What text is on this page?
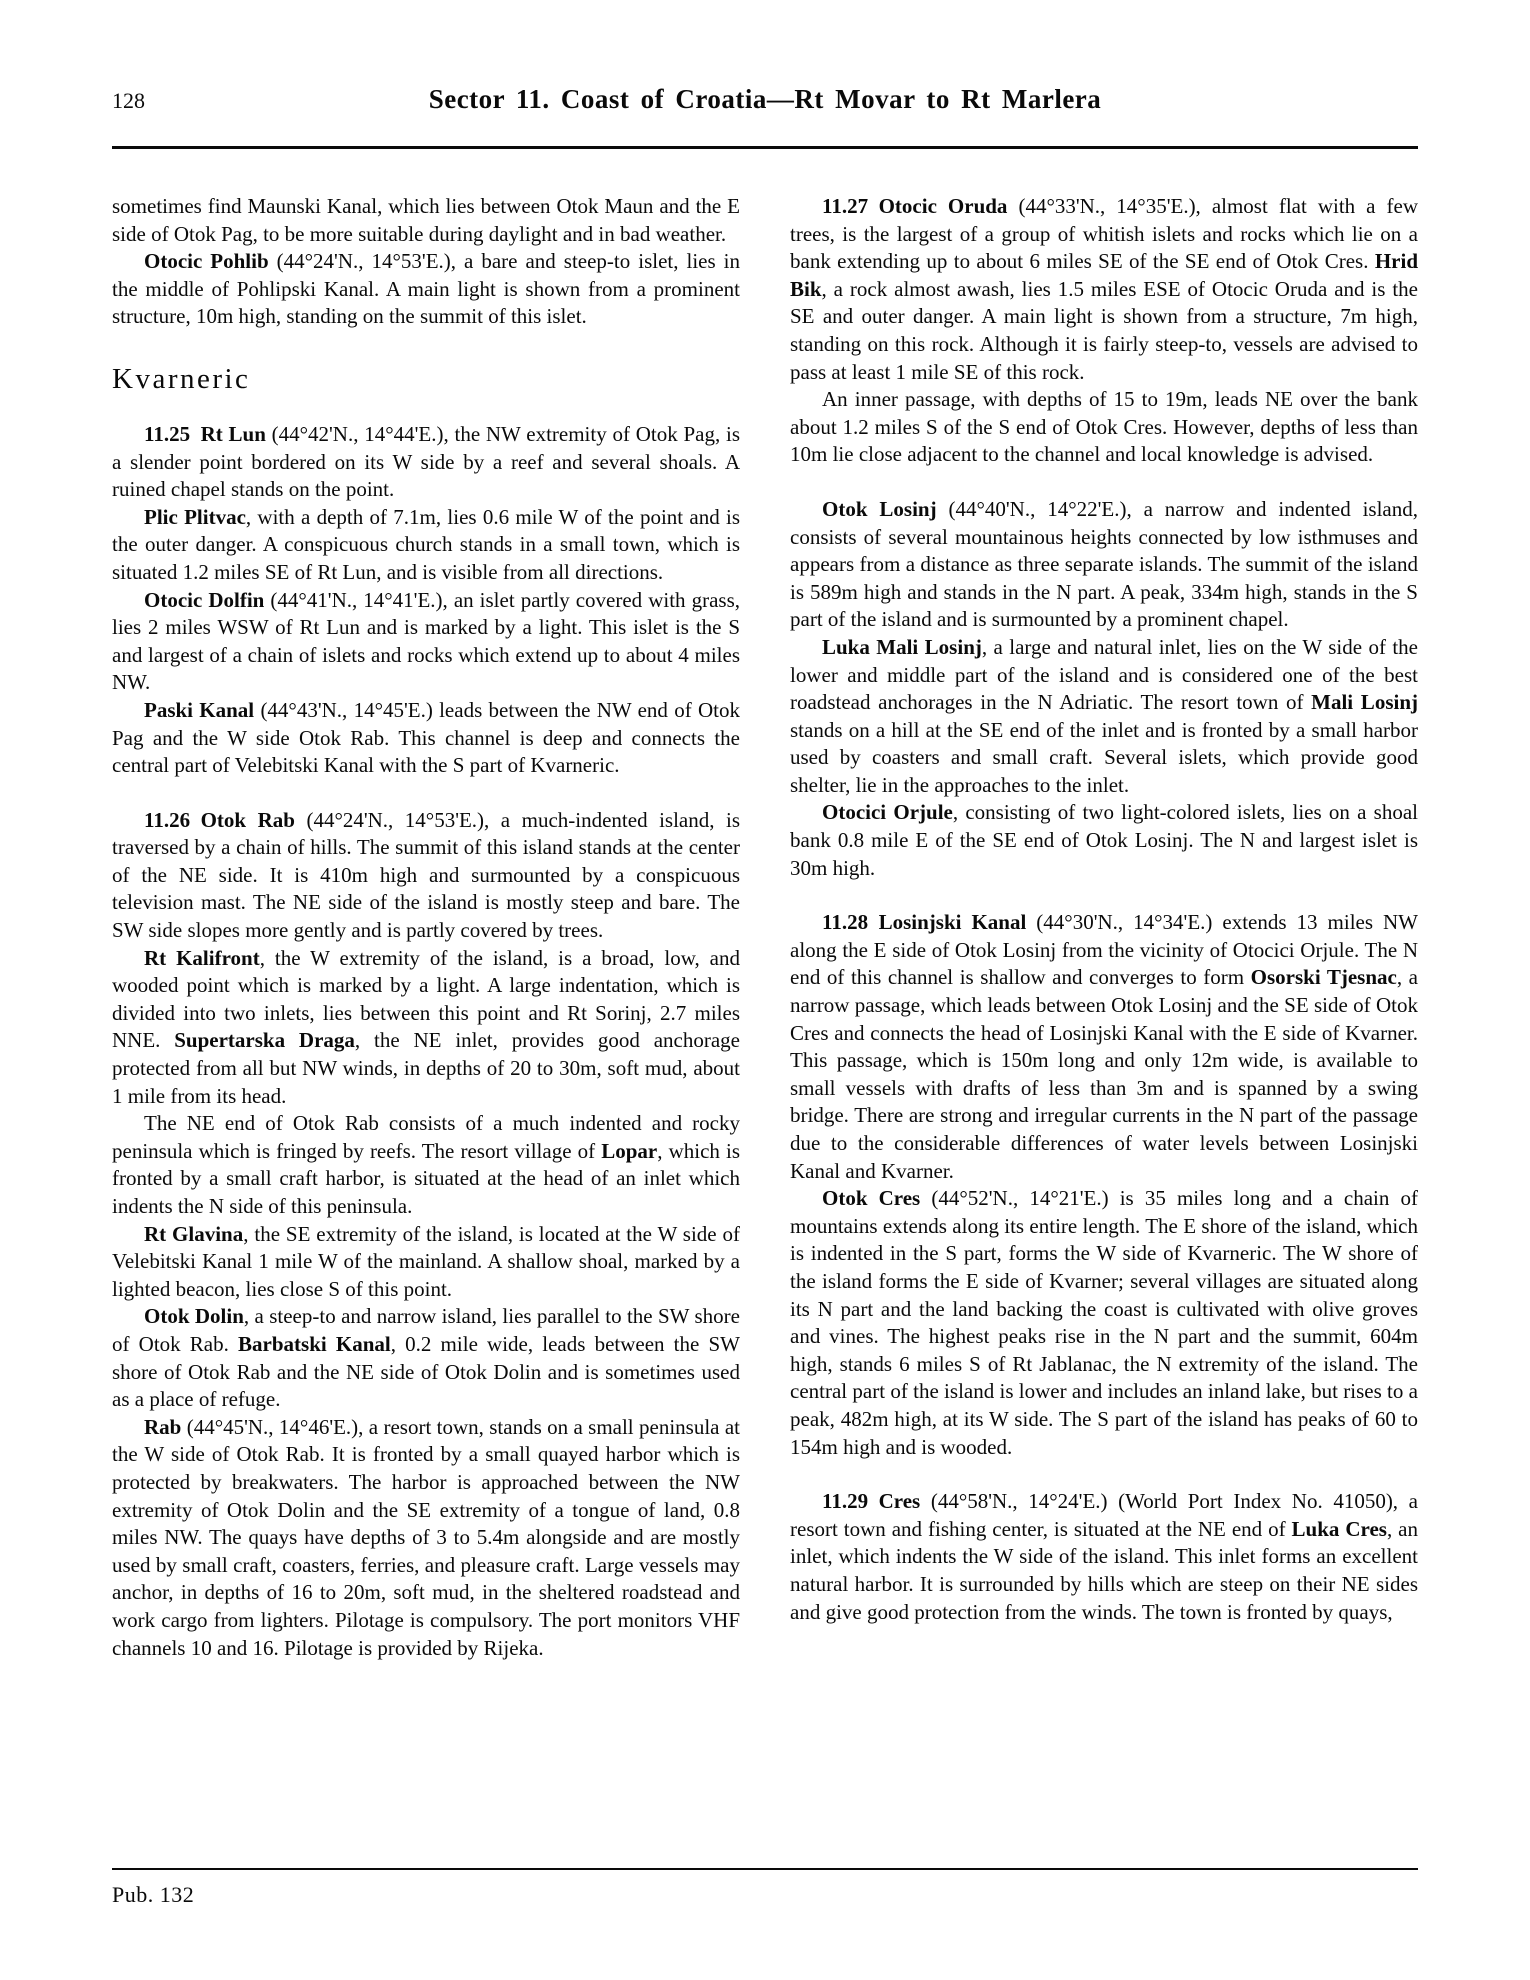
128	Sector 11. Coast of Croatia—Rt Movar to Rt Marlera

sometimes find Maunski Kanal, which lies between Otok Maun and the E side of Otok Pag, to be more suitable during daylight and in bad weather.

Otocic Pohlib (44°24'N., 14°53'E.), a bare and steep-to islet, lies in the middle of Pohlipski Kanal. A main light is shown from a prominent structure, 10m high, standing on the summit of this islet.

Kvarneric

11.25 Rt Lun (44°42'N., 14°44'E.), the NW extremity of Otok Pag, is a slender point bordered on its W side by a reef and several shoals. A ruined chapel stands on the point.

Plic Plitvac, with a depth of 7.1m, lies 0.6 mile W of the point and is the outer danger. A conspicuous church stands in a small town, which is situated 1.2 miles SE of Rt Lun, and is visible from all directions.

Otocic Dolfin (44°41'N., 14°41'E.), an islet partly covered with grass, lies 2 miles WSW of Rt Lun and is marked by a light. This islet is the S and largest of a chain of islets and rocks which extend up to about 4 miles NW.

Paski Kanal (44°43'N., 14°45'E.) leads between the NW end of Otok Pag and the W side Otok Rab. This channel is deep and connects the central part of Velebitski Kanal with the S part of Kvarneric.

11.26 Otok Rab (44°24'N., 14°53'E.), a much-indented island, is traversed by a chain of hills. The summit of this island stands at the center of the NE side. It is 410m high and surmounted by a conspicuous television mast. The NE side of the island is mostly steep and bare. The SW side slopes more gently and is partly covered by trees.

Rt Kalifront, the W extremity of the island, is a broad, low, and wooded point which is marked by a light. A large indentation, which is divided into two inlets, lies between this point and Rt Sorinj, 2.7 miles NNE. Supertarska Draga, the NE inlet, provides good anchorage protected from all but NW winds, in depths of 20 to 30m, soft mud, about 1 mile from its head.

The NE end of Otok Rab consists of a much indented and rocky peninsula which is fringed by reefs. The resort village of Lopar, which is fronted by a small craft harbor, is situated at the head of an inlet which indents the N side of this peninsula.

Rt Glavina, the SE extremity of the island, is located at the W side of Velebitski Kanal 1 mile W of the mainland. A shallow shoal, marked by a lighted beacon, lies close S of this point.

Otok Dolin, a steep-to and narrow island, lies parallel to the SW shore of Otok Rab. Barbatski Kanal, 0.2 mile wide, leads between the SW shore of Otok Rab and the NE side of Otok Dolin and is sometimes used as a place of refuge.

Rab (44°45'N., 14°46'E.), a resort town, stands on a small peninsula at the W side of Otok Rab. It is fronted by a small quayed harbor which is protected by breakwaters. The harbor is approached between the NW extremity of Otok Dolin and the SE extremity of a tongue of land, 0.8 miles NW. The quays have depths of 3 to 5.4m alongside and are mostly used by small craft, coasters, ferries, and pleasure craft. Large vessels may anchor, in depths of 16 to 20m, soft mud, in the sheltered roadstead and work cargo from lighters. Pilotage is compulsory. The port monitors VHF channels 10 and 16. Pilotage is provided by Rijeka.

11.27 Otocic Oruda (44°33'N., 14°35'E.), almost flat with a few trees, is the largest of a group of whitish islets and rocks which lie on a bank extending up to about 6 miles SE of the SE end of Otok Cres. Hrid Bik, a rock almost awash, lies 1.5 miles ESE of Otocic Oruda and is the SE and outer danger. A main light is shown from a structure, 7m high, standing on this rock. Although it is fairly steep-to, vessels are advised to pass at least 1 mile SE of this rock.

An inner passage, with depths of 15 to 19m, leads NE over the bank about 1.2 miles S of the S end of Otok Cres. However, depths of less than 10m lie close adjacent to the channel and local knowledge is advised.

Otok Losinj (44°40'N., 14°22'E.), a narrow and indented island, consists of several mountainous heights connected by low isthmuses and appears from a distance as three separate islands. The summit of the island is 589m high and stands in the N part. A peak, 334m high, stands in the S part of the island and is surmounted by a prominent chapel.

Luka Mali Losinj, a large and natural inlet, lies on the W side of the lower and middle part of the island and is considered one of the best roadstead anchorages in the N Adriatic. The resort town of Mali Losinj stands on a hill at the SE end of the inlet and is fronted by a small harbor used by coasters and small craft. Several islets, which provide good shelter, lie in the approaches to the inlet.

Otocici Orjule, consisting of two light-colored islets, lies on a shoal bank 0.8 mile E of the SE end of Otok Losinj. The N and largest islet is 30m high.

11.28 Losinjski Kanal (44°30'N., 14°34'E.) extends 13 miles NW along the E side of Otok Losinj from the vicinity of Otocici Orjule. The N end of this channel is shallow and converges to form Osorski Tjesnac, a narrow passage, which leads between Otok Losinj and the SE side of Otok Cres and connects the head of Losinjski Kanal with the E side of Kvarner. This passage, which is 150m long and only 12m wide, is available to small vessels with drafts of less than 3m and is spanned by a swing bridge. There are strong and irregular currents in the N part of the passage due to the considerable differences of water levels between Losinjski Kanal and Kvarner.

Otok Cres (44°52'N., 14°21'E.) is 35 miles long and a chain of mountains extends along its entire length. The E shore of the island, which is indented in the S part, forms the W side of Kvarneric. The W shore of the island forms the E side of Kvarner; several villages are situated along its N part and the land backing the coast is cultivated with olive groves and vines. The highest peaks rise in the N part and the summit, 604m high, stands 6 miles S of Rt Jablanac, the N extremity of the island. The central part of the island is lower and includes an inland lake, but rises to a peak, 482m high, at its W side. The S part of the island has peaks of 60 to 154m high and is wooded.

11.29 Cres (44°58'N., 14°24'E.) (World Port Index No. 41050), a resort town and fishing center, is situated at the NE end of Luka Cres, an inlet, which indents the W side of the island. This inlet forms an excellent natural harbor. It is surrounded by hills which are steep on their NE sides and give good protection from the winds. The town is fronted by quays,

Pub. 132
